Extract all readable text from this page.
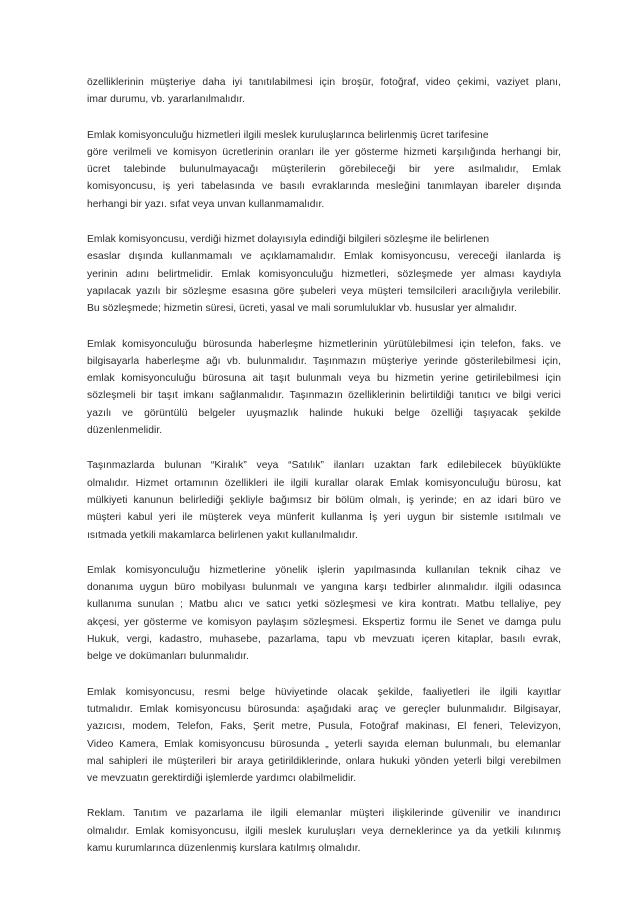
özelliklerinin müşteriye daha iyi tanıtılabilmesi için broşür, fotoğraf, video çekimi, vaziyet planı,
imar durumu, vb. yararlanılmalıdır.
Emlak komisyonculuğu hizmetleri ilgili meslek kuruluşlarınca belirlenmiş ücret tarifesine
göre verilmeli ve komisyon ücretlerinin oranları ile yer gösterme hizmeti karşılığında herhangi bir,
ücret talebinde bulunulmayacağı müşterilerin görebileceği bir yere asılmalıdır, Emlak
komisyoncusu, iş yeri tabelasında ve basılı evraklarında mesleğini tanımlayan ibareler dışında
herhangi bir yazı. sıfat veya unvan kullanmamalıdır.
Emlak komisyoncusu, verdiği hizmet dolayısıyla edindiği bilgileri sözleşme ile belirlenen
esaslar dışında kullanmamalı ve açıklamamalıdır. Emlak komisyoncusu, vereceği ilanlarda iş
yerinin adını belirtmelidir. Emlak komisyonculuğu hizmetleri, sözleşmede yer alması kaydıyla
yapılacak yazılı bir sözleşme esasına göre şubeleri veya müşteri temsilcileri aracılığıyla verilebilir.
Bu sözleşmede; hizmetin süresi, ücreti, yasal ve mali sorumluluklar vb. hususlar yer almalıdır.
Emlak komisyonculuğu bürosunda haberleşme hizmetlerinin yürütülebilmesi için telefon, faks. ve
bilgisayarla haberleşme ağı vb. bulunmalıdır. Taşınmazın müşteriye yerinde gösterilebilmesi için,
emlak komisyonculuğu bürosuna ait taşıt bulunmalı veya bu hizmetin yerine getirilebilmesi için
sözleşmeli bir taşıt imkanı sağlanmalıdır. Taşınmazın özelliklerinin belirtildiği tanıtıcı ve bilgi verici
yazılı ve görüntülü belgeler uyuşmazlık halinde hukuki belge özelliği taşıyacak şekilde
düzenlenmelidir.
Taşınmazlarda bulunan “Kiralık” veya “Satılık” ilanları uzaktan fark edilebilecek büyüklükte
olmalıdır. Hizmet ortamının özellikleri ile ilgili kurallar olarak Emlak komisyonculuğu bürosu, kat
mülkiyeti kanunun belirlediği şekliyle bağımsız bir bölüm olmalı, iş yerinde; en az idari büro ve
müşteri kabul yeri ile müşterek veya münferit kullanma İş yeri uygun bir sistemle ısıtılmalı ve
ısıtmada yetkili makamlarca belirlenen yakıt kullanılmalıdır.
Emlak komisyonculuğu hizmetlerine yönelik işlerin yapılmasında kullanılan teknik cihaz ve
donanıma uygun büro mobilyası bulunmalı ve yangına karşı tedbirler alınmalıdır. ilgili odasınca
kullanıma sunulan ; Matbu alıcı ve satıcı yetki sözleşmesi ve kira kontratı. Matbu tellaliye, pey
akçesi, yer gösterme ve komisyon paylaşım sözleşmesi. Ekspertiz formu ile Senet ve damga pulu
Hukuk, vergi, kadastro, muhasebe, pazarlama, tapu vb mevzuatı içeren kitaplar, basılı evrak,
belge ve dokümanları bulunmalıdır.
Emlak komisyoncusu, resmi belge hüviyetinde olacak şekilde, faaliyetleri ile ilgili kayıtlar
tutmalıdır. Emlak komisyoncusu bürosunda: aşağıdaki araç ve gereçler bulunmalıdır. Bilgisayar,
yazıcısı, modem, Telefon, Faks, Şerit metre, Pusula, Fotoğraf makinası, El feneri, Televizyon,
Video Kamera, Emlak komisyoncusu bürosunda „ yeterli sayıda eleman bulunmalı, bu elemanlar
mal sahipleri ile müşterileri bir araya getirildiklerinde, onlara hukuki yönden yeterli bilgi verebilmen
ve mevzuatın gerektirdiği işlemlerde yardımcı olabilmelidir.
Reklam. Tanıtım ve pazarlama ile ilgili elemanlar müşteri ilişkilerinde güvenilir ve inandırıcı
olmalıdır. Emlak komisyoncusu, ilgili meslek kuruluşları veya derneklerince ya da yetkili kılınmış
kamu kurumlarınca düzenlenmiş kurslara katılmış olmalıdır.
